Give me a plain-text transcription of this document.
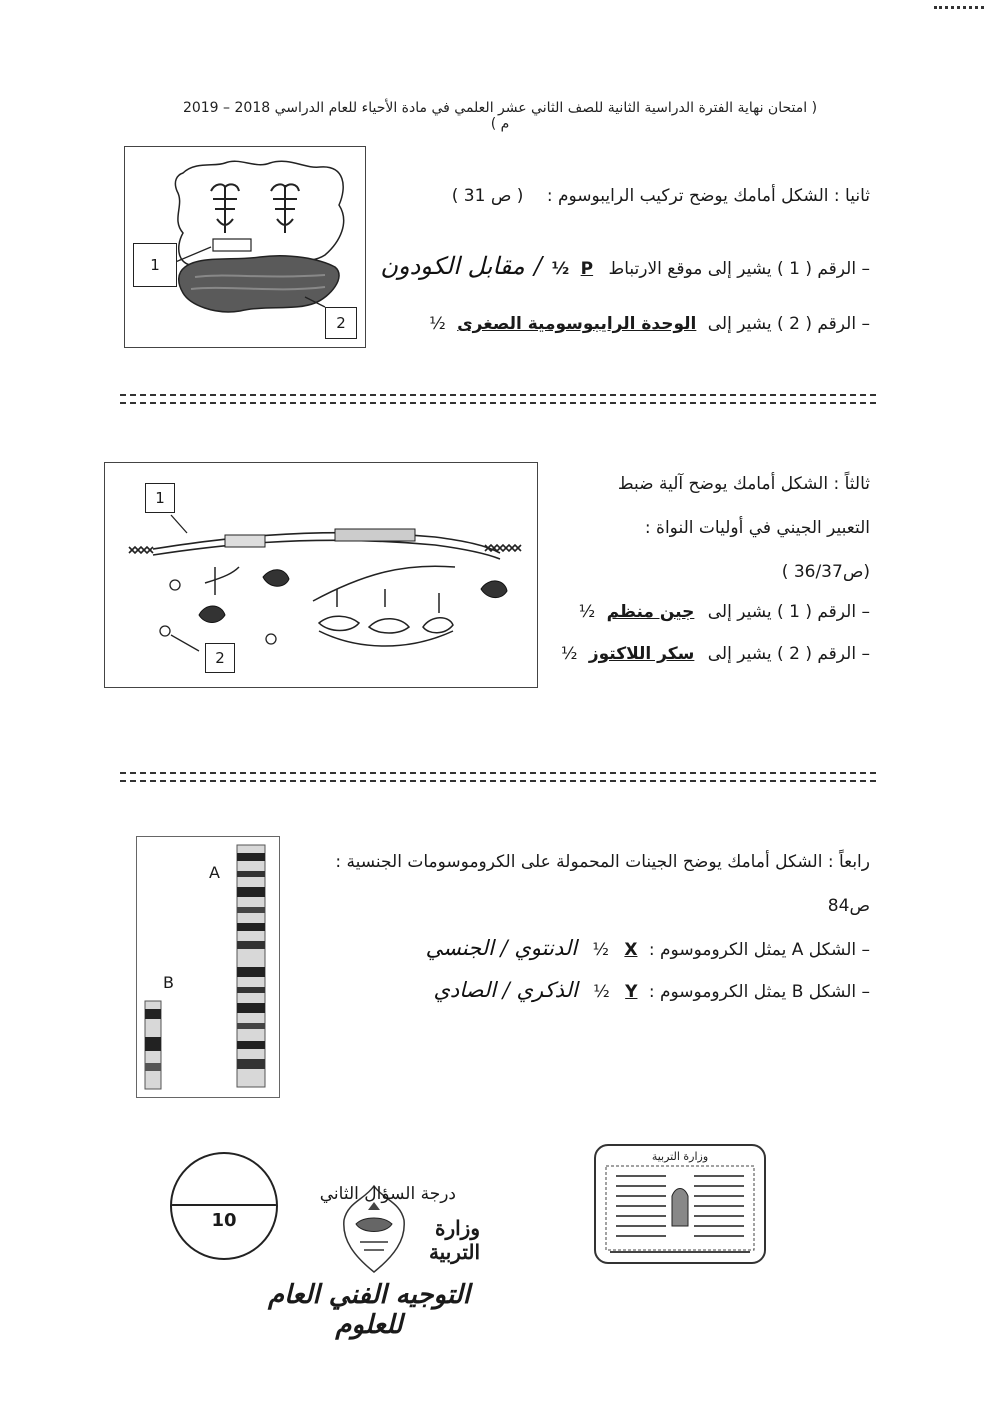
( امتحان نهاية الفترة الدراسية الثانية للصف الثاني عشر العلمي في مادة الأحياء للعام الدراسي 2018 – 2019 م )
1
2
ثانيا : الشكل أمامك يوضح تركيب الرايبوسوم : ( ص 31 )
– الرقم ( 1 ) يشير إلى موقع الارتباط P ½ / مقابل الكودون
– الرقم ( 2 ) يشير إلى الوحدة الرايبوسومية الصغرى ½
1
2
ثالثاً : الشكل أمامك يوضح آلية ضبط
التعبير الجيني في أوليات النواة :
(ص36/37 )
– الرقم ( 1 ) يشير إلى جين منظم ½
– الرقم ( 2 ) يشير إلى سكر اللاكتوز ½
A
B
رابعاً : الشكل أمامك يوضح الجينات المحمولة على الكروموسومات الجنسية :
ص84
– الشكل A يمثل الكروموسوم : X ½ الدنتوي / الجنسي
– الشكل B يمثل الكروموسوم : Y ½ الذكري / الصادي
10
درجة السؤال الثاني
وزارة التربية
التوجيه الفني العام للعلوم
وزارة التربية
